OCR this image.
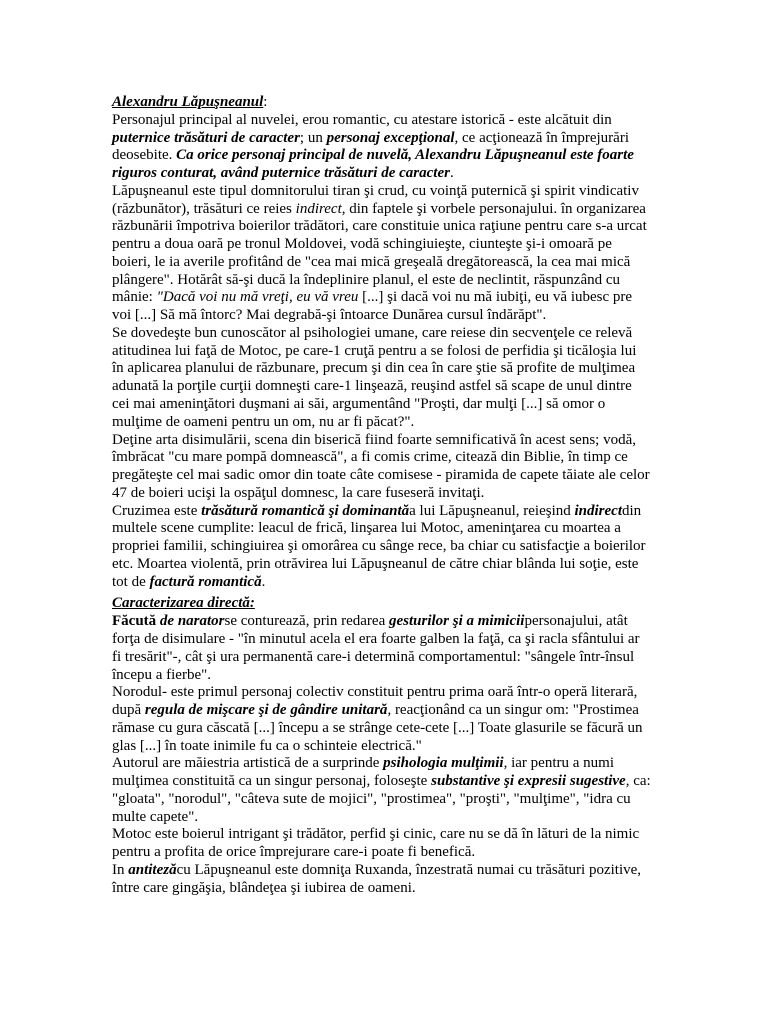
Alexandru Lăpuşneanul:
Personajul principal al nuvelei, erou romantic, cu atestare istorică - este alcătuit din
puternice trăsături de caracter; un personaj excepţional, ce acţionează în împrejurări
deosebite. Ca orice personaj principal de nuvelă, Alexandru Lăpuşneanul este foarte
riguros conturat, având puternice trăsături de caracter.
Lăpuşneanul este tipul domnitorului tiran şi crud, cu voinţă puternică şi spirit vindicativ
(răzbunător), trăsături ce reies indirect, din faptele şi vorbele personajului. în organizarea
răzbunării împotriva boierilor trădători, care constituie unica raţiune pentru care s-a urcat
pentru a doua oară pe tronul Moldovei, vodă schingiuieşte, ciunteşte şi-i omoară pe
boieri, le ia averile profitând de "cea mai mică greşeală dregătorească, la cea mai mică
plângere". Hotărât să-şi ducă la îndeplinire planul, el este de neclintit, răspunzând cu
mânie: "Dacă voi nu mă vreţi, eu vă vreu [...] şi dacă voi nu mă iubiţi, eu vă iubesc pre
voi [...] Să mă întorc? Mai degrabă-şi întoarce Dunărea cursul îndărăpt".
Se dovedeşte bun cunoscător al psihologiei umane, care reiese din secvenţele ce relevă
atitudinea lui faţă de Motoc, pe care-1 cruţă pentru a se folosi de perfidia şi ticăloşia lui
în aplicarea planului de răzbunare, precum şi din cea în care ştie să profite de mulţimea
adunată la porţile curţii domneşti care-1 linşează, reuşind astfel să scape de unul dintre
cei mai ameninţători duşmani ai săi, argumentând "Proşti, dar mulţi [...] să omor o
mulţime de oameni pentru un om, nu ar fi păcat?".
Deţine arta disimulării, scena din biserică fiind foarte semnificativă în acest sens; vodă,
îmbrăcat "cu mare pompă domnească", a fi comis crime, citează din Biblie, în timp ce
pregăteşte cel mai sadic omor din toate câte comisese - piramida de capete tăiate ale celor
47 de boieri ucişi la ospăţul domnesc, la care fuseseră invitaţi.
Cruzimea este trăsătură romantică şi dominantăa lui Lăpuşneanul, reieşind indirectdin
multele scene cumplite: leacul de frică, linşarea lui Motoc, ameninţarea cu moartea a
propriei familii, schingiuirea şi omorârea cu sânge rece, ba chiar cu satisfacţie a boierilor
etc. Moartea violentă, prin otrăvirea lui Lăpuşneanul de către chiar blânda lui soţie, este
tot de factură romantică.
Caracterizarea directă:
Făcută de naratorse conturează, prin redarea gesturilor şi a mimiciipersonajului, atât
forţa de disimulare - "în minutul acela el era foarte galben la faţă, ca şi racla sfântului ar
fi tresărit"-, cât şi ura permanentă care-i determină comportamentul: "sângele într-însul
începu a fierbe".
Norodul- este primul personaj colectiv constituit pentru prima oară într-o operă literară,
după regula de mişcare şi de gândire unitară, reacţionând ca un singur om: "Prostimea
rămase cu gura căscată [...] începu a se strânge cete-cete [...] Toate glasurile se făcură un
glas [...] în toate inimile fu ca o schinteie electrică."
Autorul are măiestria artistică de a surprinde psihologia mulţimii, iar pentru a numi
mulţimea constituită ca un singur personaj, foloseşte substantive şi expresii sugestive, ca:
"gloata", "norodul", "câteva sute de mojici", "prostimea", "proşti", "mulţime", "idra cu
multe capete".
Motoc este boierul intrigant şi trădător, perfid şi cinic, care nu se dă în lături de la nimic
pentru a profita de orice împrejurare care-i poate fi benefică.
In antitezăcu Lăpuşneanul este domniţa Ruxanda, înzestrată numai cu trăsături pozitive,
între care gingăşia, blândeţea şi iubirea de oameni.
